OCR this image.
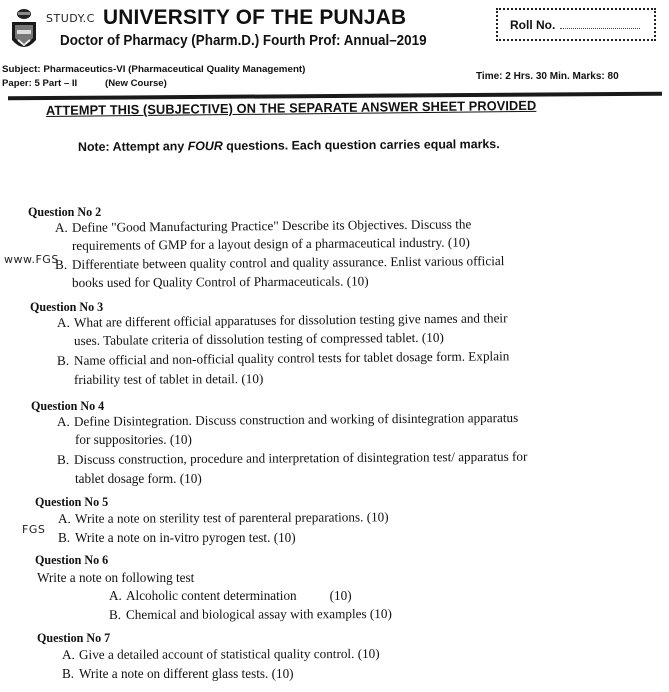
STUDY.C UNIVERSITY OF THE PUNJAB
Doctor of Pharmacy (Pharm.D.) Fourth Prof: Annual–2019
Roll No.
Subject: Pharmaceutics-VI (Pharmaceutical Quality Management)
Paper: 5 Part – II	(New Course)
Time: 2 Hrs. 30 Min. Marks: 80
ATTEMPT THIS (SUBJECTIVE) ON THE SEPARATE ANSWER SHEET PROVIDED
Note: Attempt any FOUR questions. Each question carries equal marks.
www.FGS
FGS
Question No 2
A. Define "Good Manufacturing Practice" Describe its Objectives. Discuss the
requirements of GMP for a layout design of a pharmaceutical industry. (10)
B. Differentiate between quality control and quality assurance. Enlist various official
books used for Quality Control of Pharmaceuticals. (10)
Question No 3
A. What are different official apparatuses for dissolution testing give names and their
uses. Tabulate criteria of dissolution testing of compressed tablet. (10)
B. Name official and non-official quality control tests for tablet dosage form. Explain
friability test of tablet in detail. (10)
Question No 4
A. Define Disintegration. Discuss construction and working of disintegration apparatus
for suppositories. (10)
B. Discuss construction, procedure and interpretation of disintegration test/ apparatus for
tablet dosage form. (10)
Question No 5
A. Write a note on sterility test of parenteral preparations. (10)
B. Write a note on in-vitro pyrogen test. (10)
Question No 6
Write a note on following test
A. Alcoholic content determination          (10)
B. Chemical and biological assay with examples (10)
Question No 7
A. Give a detailed account of statistical quality control. (10)
B. Write a note on different glass tests. (10)
